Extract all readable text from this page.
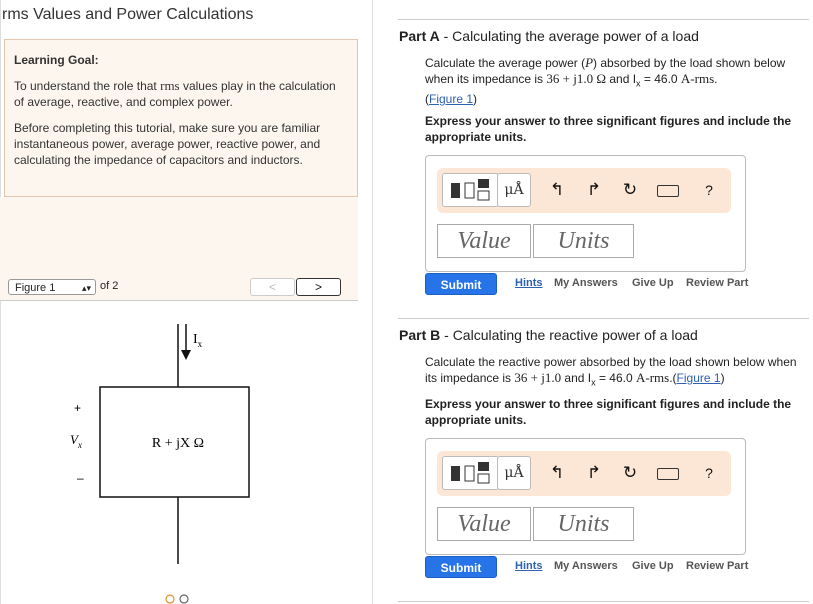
rms Values and Power Calculations
Learning Goal:
To understand the role that rms values play in the calculation of average, reactive, and complex power.
Before completing this tutorial, make sure you are familiar instantaneous power, average power, reactive power, and calculating the impedance of capacitors and inductors.
Figure 1	▴▾ of 2	<	>
$I_x$
R + jX Ω
+
$V_x$
–
Part A - Calculating the average power of a load
Calculate the average power (P) absorbed by the load shown below when its impedance is 36 + j1.0 Ω and $I_x = 46.0$ A-rms.
(Figure 1)
Express your answer to three significant figures and include the appropriate units.
μÅ	↰ ↱ ↻	?
Value	Units
Submit	Hints My Answers Give Up Review Part
Part B - Calculating the reactive power of a load
Calculate the reactive power absorbed by the load shown below when its impedance is 36 + j1.0 and $I_x = 46.0$ A-rms.(Figure 1)
Express your answer to three significant figures and include the appropriate units.
μÅ	↰ ↱ ↻	?
Value	Units
Submit	Hints My Answers Give Up Review Part
